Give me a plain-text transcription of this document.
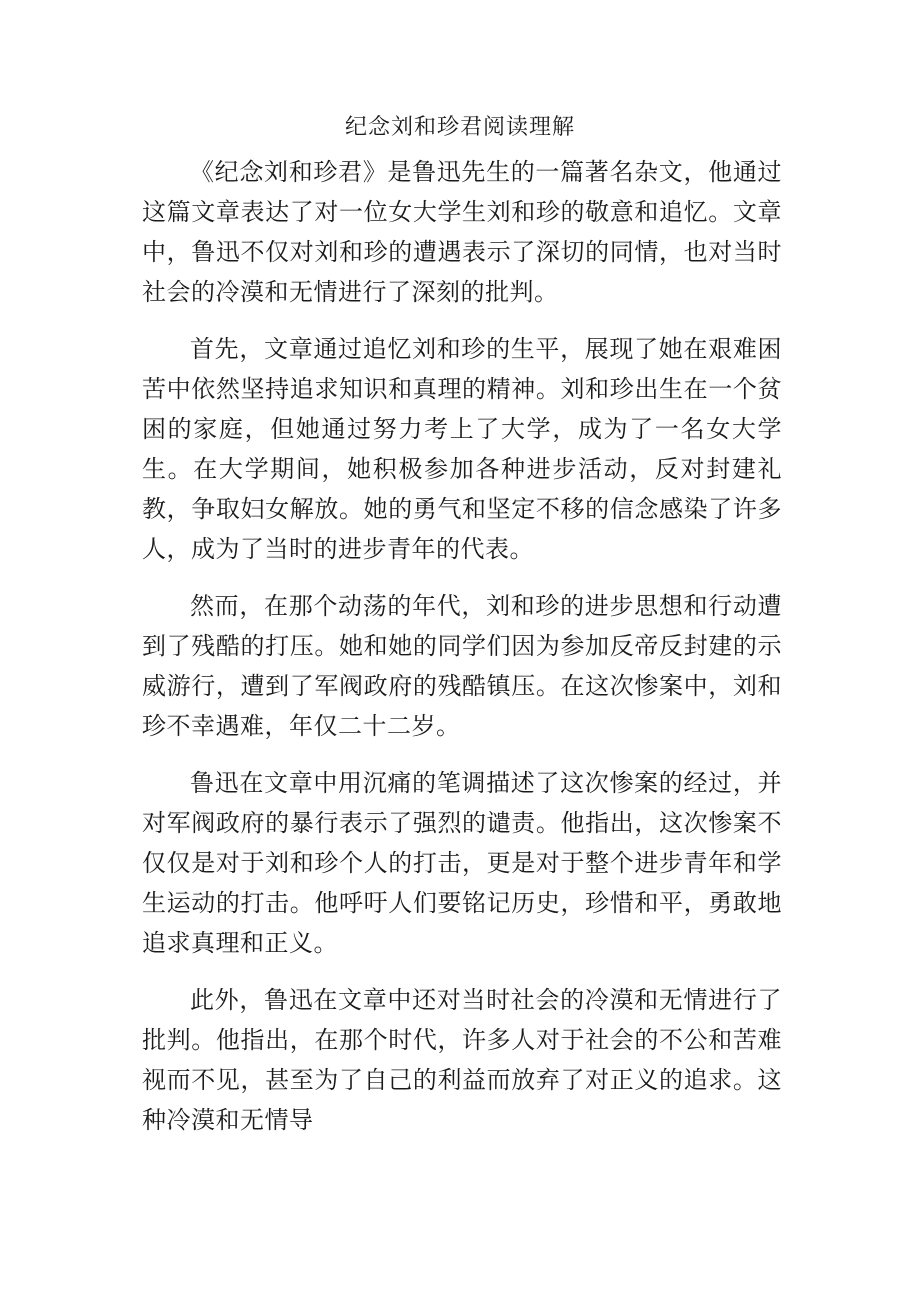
纪念刘和珍君阅读理解

《纪念刘和珍君》是鲁迅先生的一篇著名杂文，他通过这篇文章表达了对一位女大学生刘和珍的敬意和追忆。文章中，鲁迅不仅对刘和珍的遭遇表示了深切的同情，也对当时社会的冷漠和无情进行了深刻的批判。

首先，文章通过追忆刘和珍的生平，展现了她在艰难困苦中依然坚持追求知识和真理的精神。刘和珍出生在一个贫困的家庭，但她通过努力考上了大学，成为了一名女大学生。在大学期间，她积极参加各种进步活动，反对封建礼教，争取妇女解放。她的勇气和坚定不移的信念感染了许多人，成为了当时的进步青年的代表。

然而，在那个动荡的年代，刘和珍的进步思想和行动遭到了残酷的打压。她和她的同学们因为参加反帝反封建的示威游行，遭到了军阀政府的残酷镇压。在这次惨案中，刘和珍不幸遇难，年仅二十二岁。

鲁迅在文章中用沉痛的笔调描述了这次惨案的经过，并对军阀政府的暴行表示了强烈的谴责。他指出，这次惨案不仅仅是对于刘和珍个人的打击，更是对于整个进步青年和学生运动的打击。他呼吁人们要铭记历史，珍惜和平，勇敢地追求真理和正义。

此外，鲁迅在文章中还对当时社会的冷漠和无情进行了批判。他指出，在那个时代，许多人对于社会的不公和苦难视而不见，甚至为了自己的利益而放弃了对正义的追求。这种冷漠和无情导
